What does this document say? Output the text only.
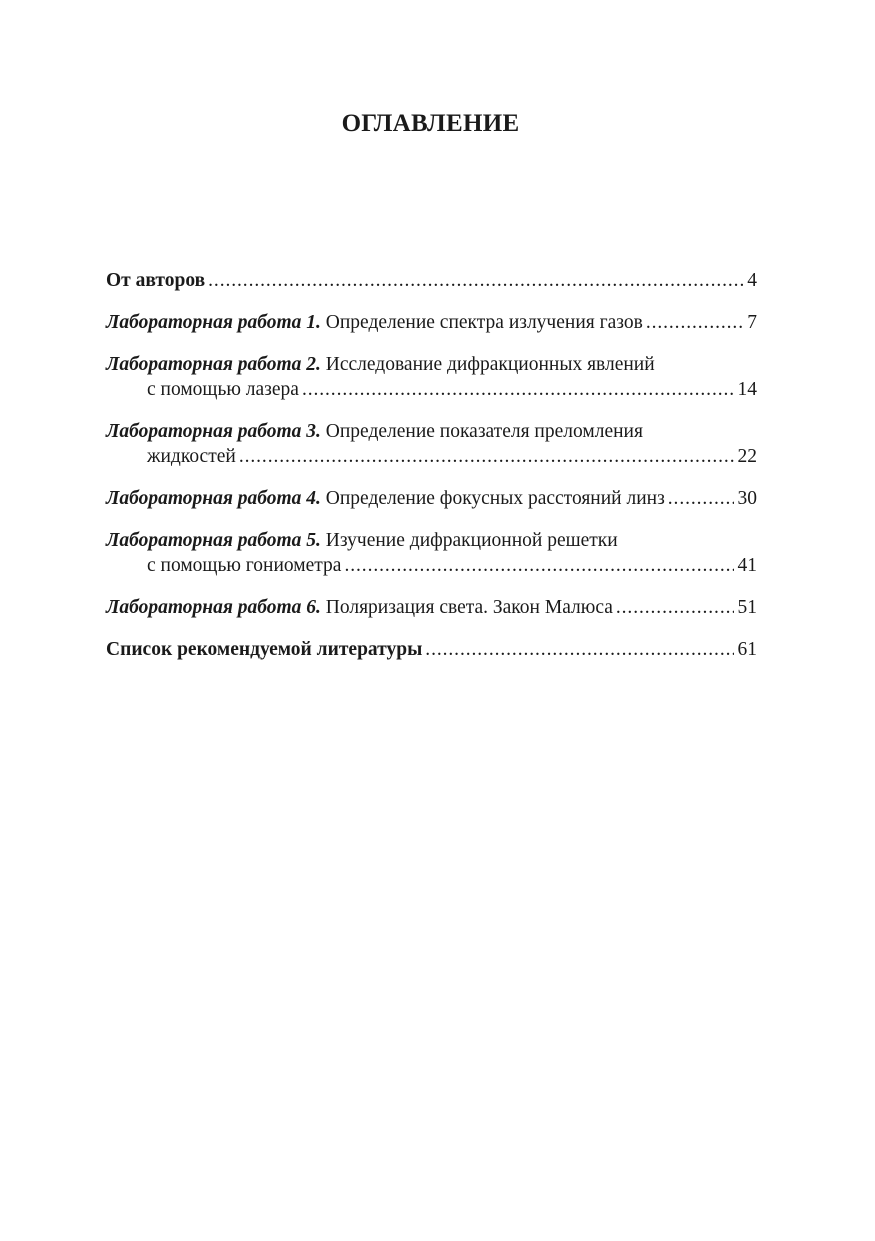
ОГЛАВЛЕНИЕ
От авторов .....	4
Лабораторная работа 1. Определение спектра излучения газов .....	7
Лабораторная работа 2. Исследование дифракционных явлений
с помощью лазера .....	14
Лабораторная работа 3. Определение показателя преломления
жидкостей .....	22
Лабораторная работа 4. Определение фокусных расстояний линз .....	30
Лабораторная работа 5. Изучение дифракционной решетки
с помощью гониометра .....	41
Лабораторная работа 6. Поляризация света. Закон Малюса .....	51
Список рекомендуемой литературы .....	61
